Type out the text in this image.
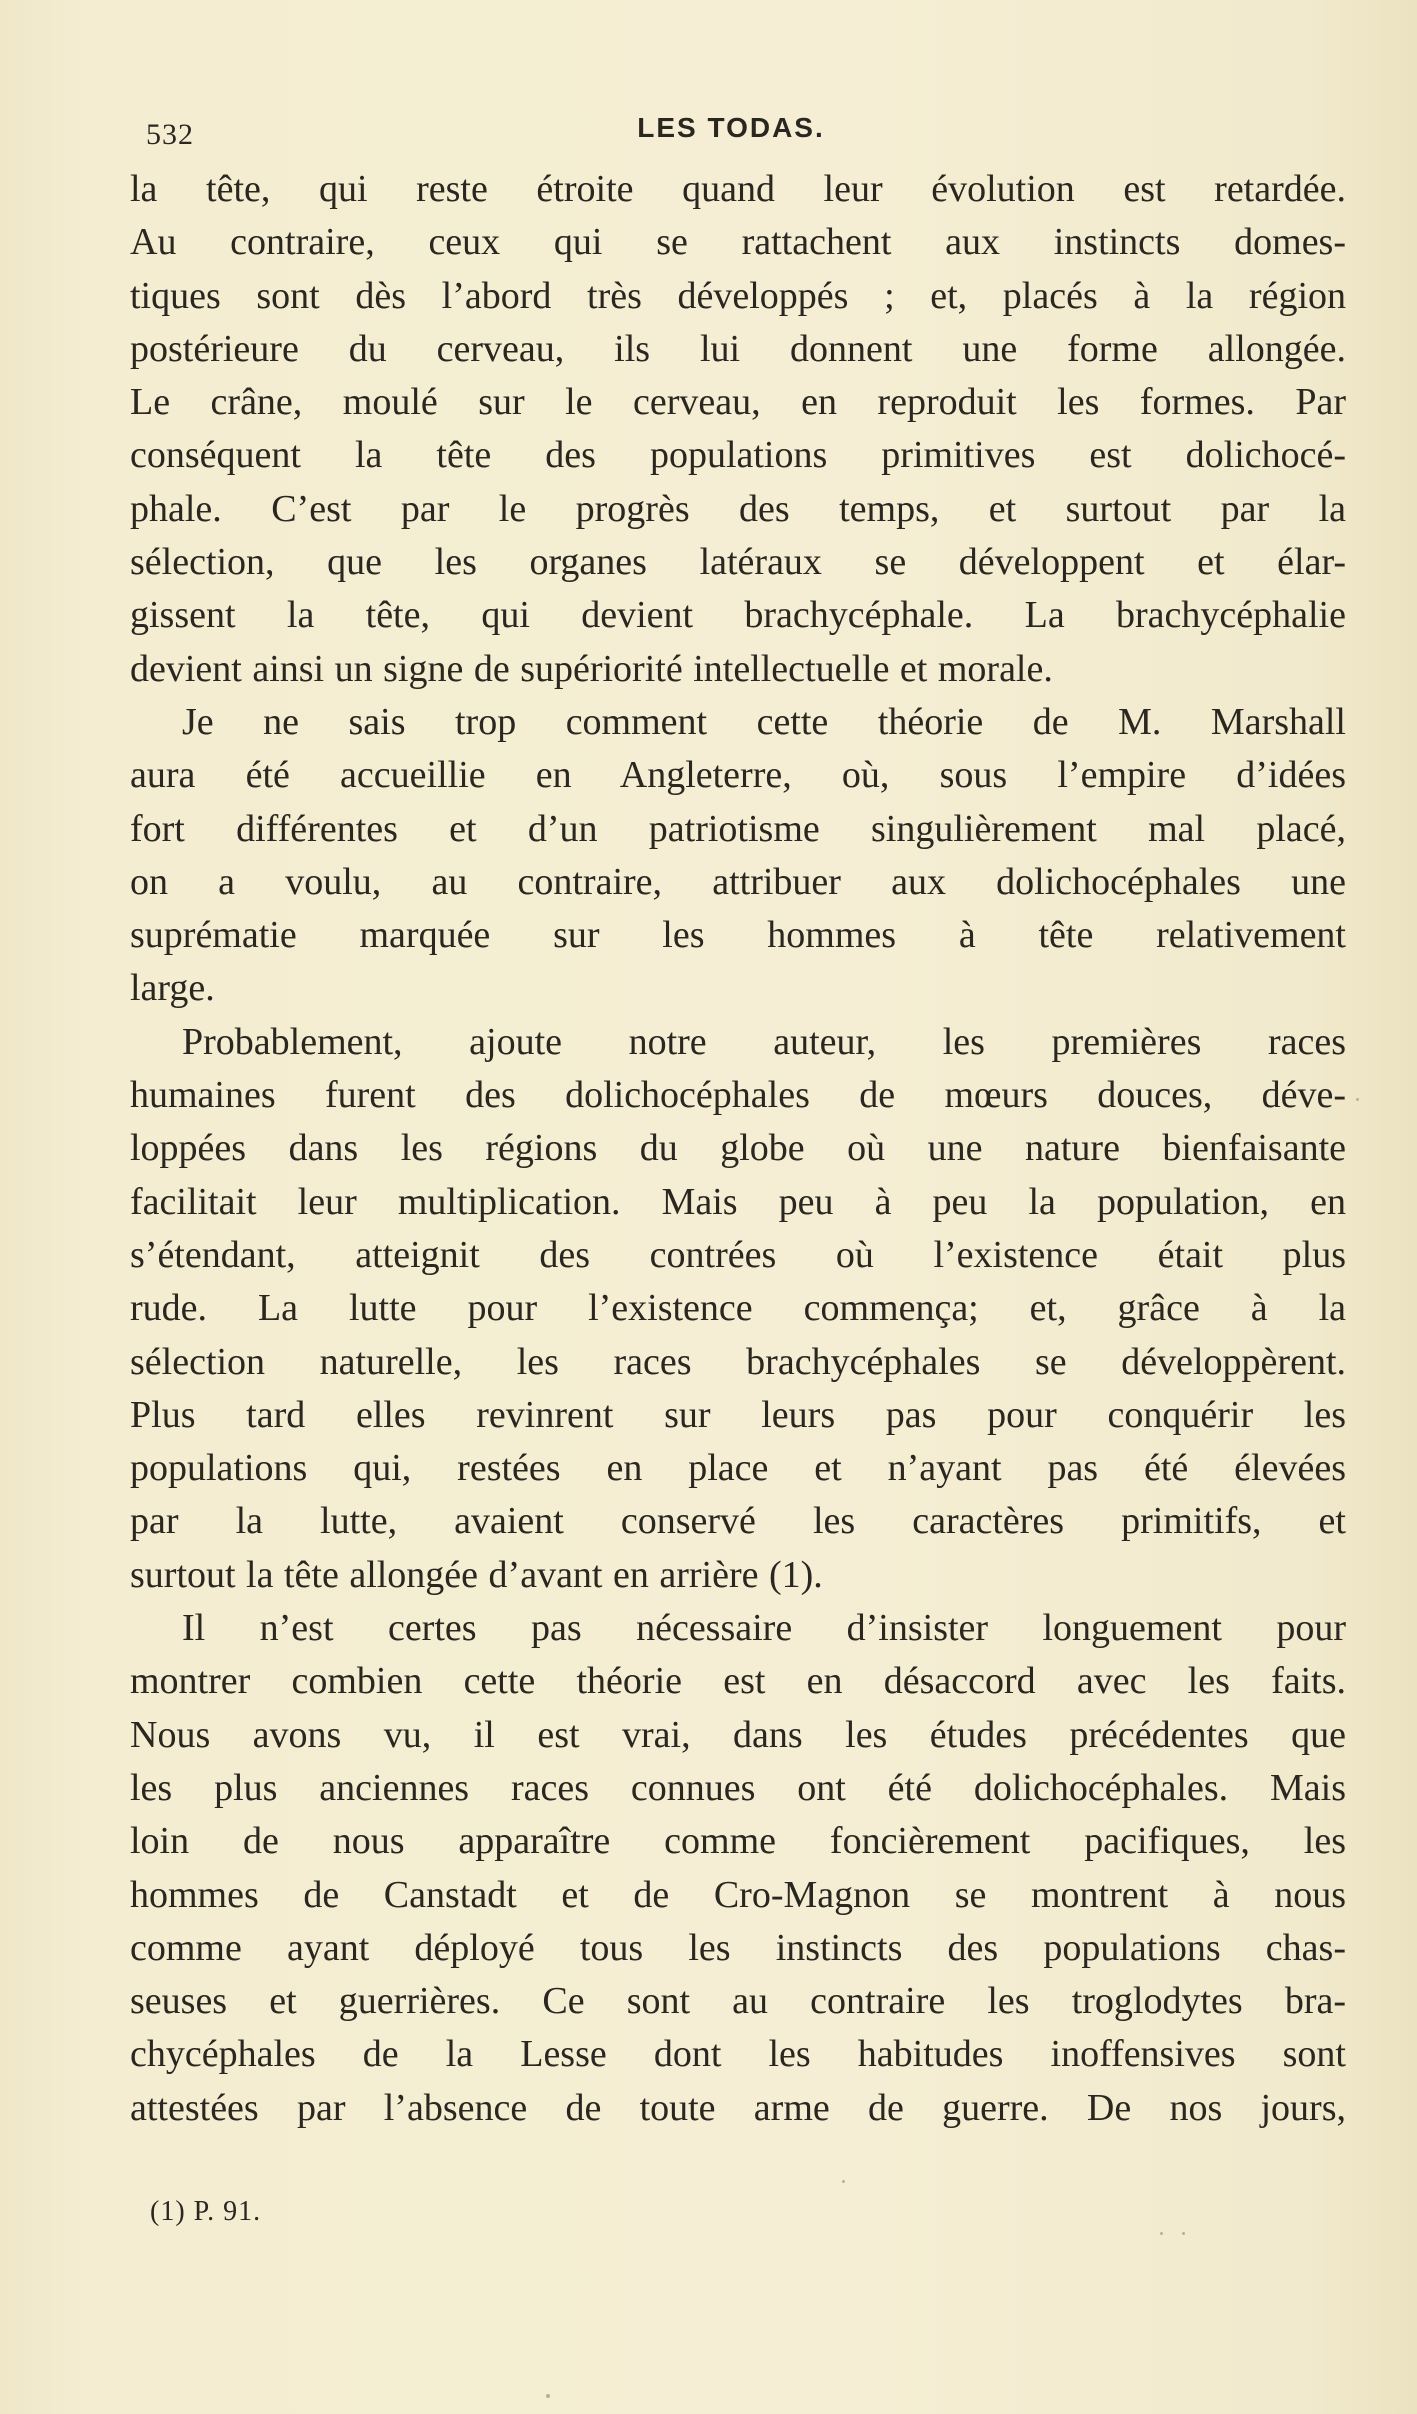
532	LES TODAS.
la tête, qui reste étroite quand leur évolution est retardée.
Au contraire, ceux qui se rattachent aux instincts domes-
tiques sont dès l’abord très développés ; et, placés à la région
postérieure du cerveau, ils lui donnent une forme allongée.
Le crâne, moulé sur le cerveau, en reproduit les formes. Par
conséquent la tête des populations primitives est dolichocé-
phale. C’est par le progrès des temps, et surtout par la
sélection, que les organes latéraux se développent et élar-
gissent la tête, qui devient brachycéphale. La brachycéphalie
devient ainsi un signe de supériorité intellectuelle et morale.
Je ne sais trop comment cette théorie de M. Marshall
aura été accueillie en Angleterre, où, sous l’empire d’idées
fort différentes et d’un patriotisme singulièrement mal placé,
on a voulu, au contraire, attribuer aux dolichocéphales une
suprématie marquée sur les hommes à tête relativement
large.
Probablement, ajoute notre auteur, les premières races
humaines furent des dolichocéphales de mœurs douces, déve-
loppées dans les régions du globe où une nature bienfaisante
facilitait leur multiplication. Mais peu à peu la population, en
s’étendant, atteignit des contrées où l’existence était plus
rude. La lutte pour l’existence commença; et, grâce à la
sélection naturelle, les races brachycéphales se développèrent.
Plus tard elles revinrent sur leurs pas pour conquérir les
populations qui, restées en place et n’ayant pas été élevées
par la lutte, avaient conservé les caractères primitifs, et
surtout la tête allongée d’avant en arrière (1).
Il n’est certes pas nécessaire d’insister longuement pour
montrer combien cette théorie est en désaccord avec les faits.
Nous avons vu, il est vrai, dans les études précédentes que
les plus anciennes races connues ont été dolichocéphales. Mais
loin de nous apparaître comme foncièrement pacifiques, les
hommes de Canstadt et de Cro-Magnon se montrent à nous
comme ayant déployé tous les instincts des populations chas-
seuses et guerrières. Ce sont au contraire les troglodytes bra-
chycéphales de la Lesse dont les habitudes inoffensives sont
attestées par l’absence de toute arme de guerre. De nos jours,
(1) P. 91.
